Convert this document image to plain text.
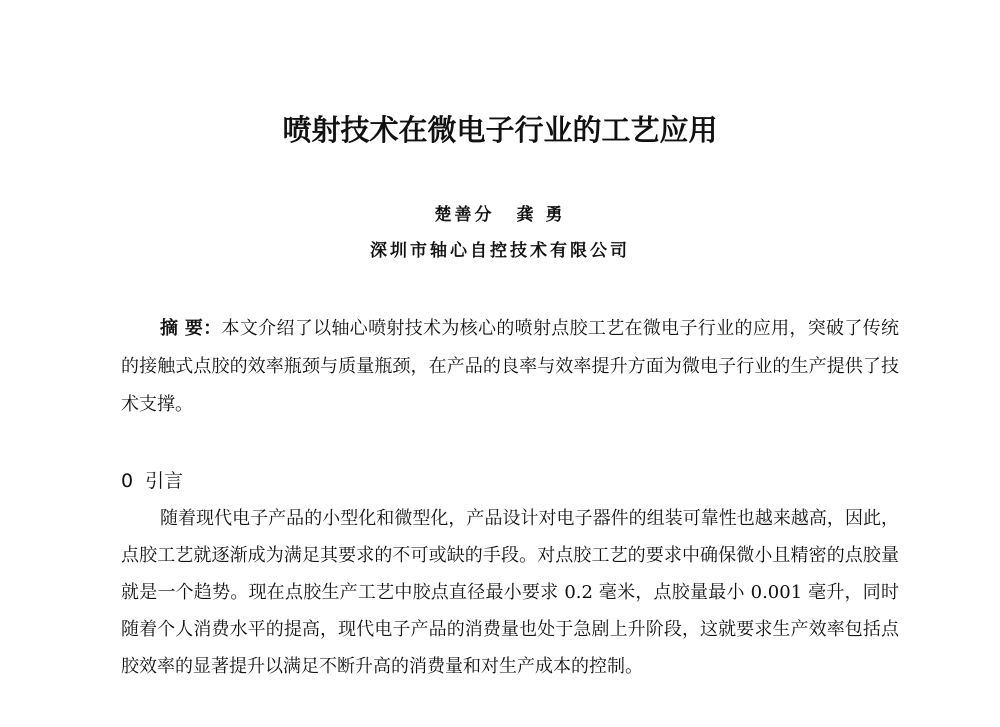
喷射技术在微电子行业的工艺应用
楚善分 龚 勇
深圳市轴心自控技术有限公司
摘 要：本文介绍了以轴心喷射技术为核心的喷射点胶工艺在微电子行业的应用，突破了传统的接触式点胶的效率瓶颈与质量瓶颈，在产品的良率与效率提升方面为微电子行业的生产提供了技术支撑。
0 引言
随着现代电子产品的小型化和微型化，产品设计对电子器件的组装可靠性也越来越高，因此，点胶工艺就逐渐成为满足其要求的不可或缺的手段。对点胶工艺的要求中确保微小且精密的点胶量就是一个趋势。现在点胶生产工艺中胶点直径最小要求 0.2 毫米，点胶量最小 0.001 毫升，同时随着个人消费水平的提高，现代电子产品的消费量也处于急剧上升阶段，这就要求生产效率包括点胶效率的显著提升以满足不断升高的消费量和对生产成本的控制。
